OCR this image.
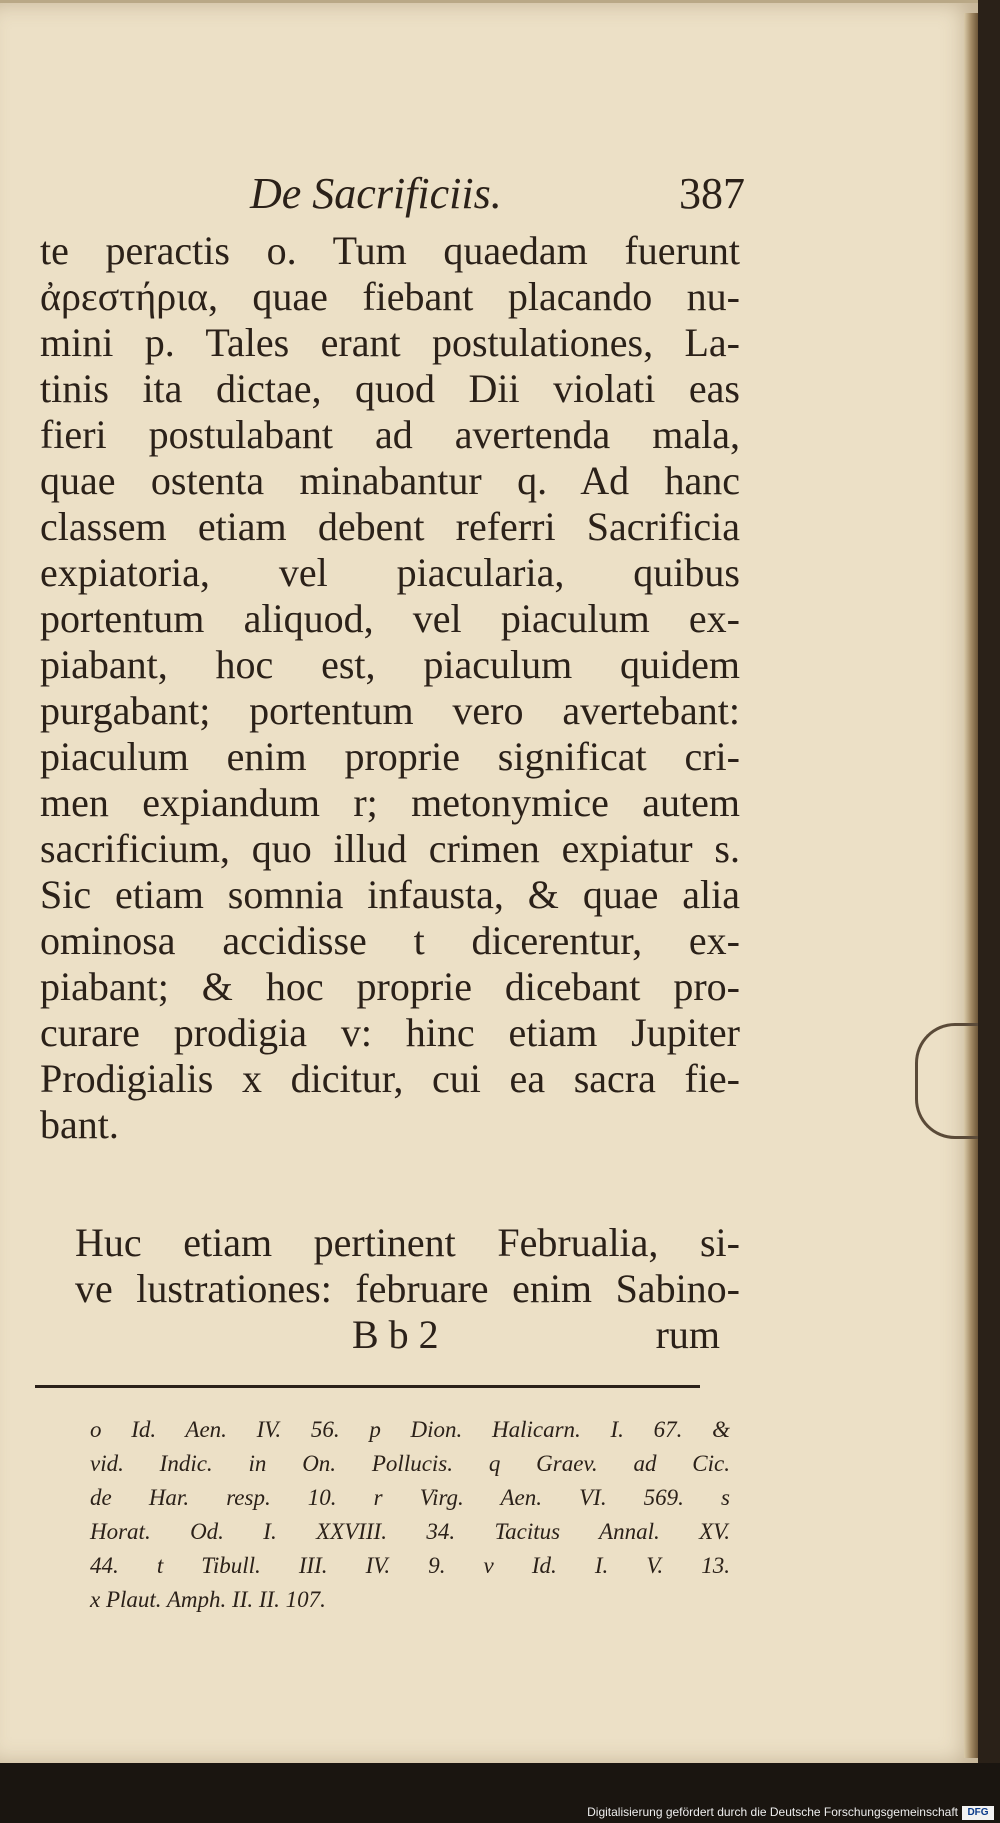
De Sacrificiis.	387
te peractis o. Tum quaedam fuerunt
ἀρεστήρια, quae fiebant placando nu-
mini p. Tales erant postulationes, La-
tinis ita dictae, quod Dii violati eas
fieri postulabant ad avertenda mala,
quae ostenta minabantur q. Ad hanc
classem etiam debent referri Sacrificia
expiatoria, vel piacularia, quibus
portentum aliquod, vel piaculum ex-
piabant, hoc est, piaculum quidem
purgabant; portentum vero avertebant:
piaculum enim proprie significat cri-
men expiandum r; metonymice autem
sacrificium, quo illud crimen expiatur s.
Sic etiam somnia infausta, & quae alia
ominosa accidisse t dicerentur, ex-
piabant; & hoc proprie dicebant pro-
curare prodigia v: hinc etiam Jupiter
Prodigialis x dicitur, cui ea sacra fie-
bant.
Huc etiam pertinent Februalia, si-
ve lustrationes: februare enim Sabino-
B b 2	rum
o Id. Aen. IV. 56. p Dion. Halicarn. I. 67. &
vid. Indic. in On. Pollucis. q Graev. ad Cic.
de Har. resp. 10. r Virg. Aen. VI. 569. s
Horat. Od. I. XXVIII. 34. Tacitus Annal. XV.
44. t Tibull. III. IV. 9. v Id. I. V. 13.
x Plaut. Amph. II. II. 107.
Digitalisierung gefördert durch die Deutsche Forschungsgemeinschaft DFG
